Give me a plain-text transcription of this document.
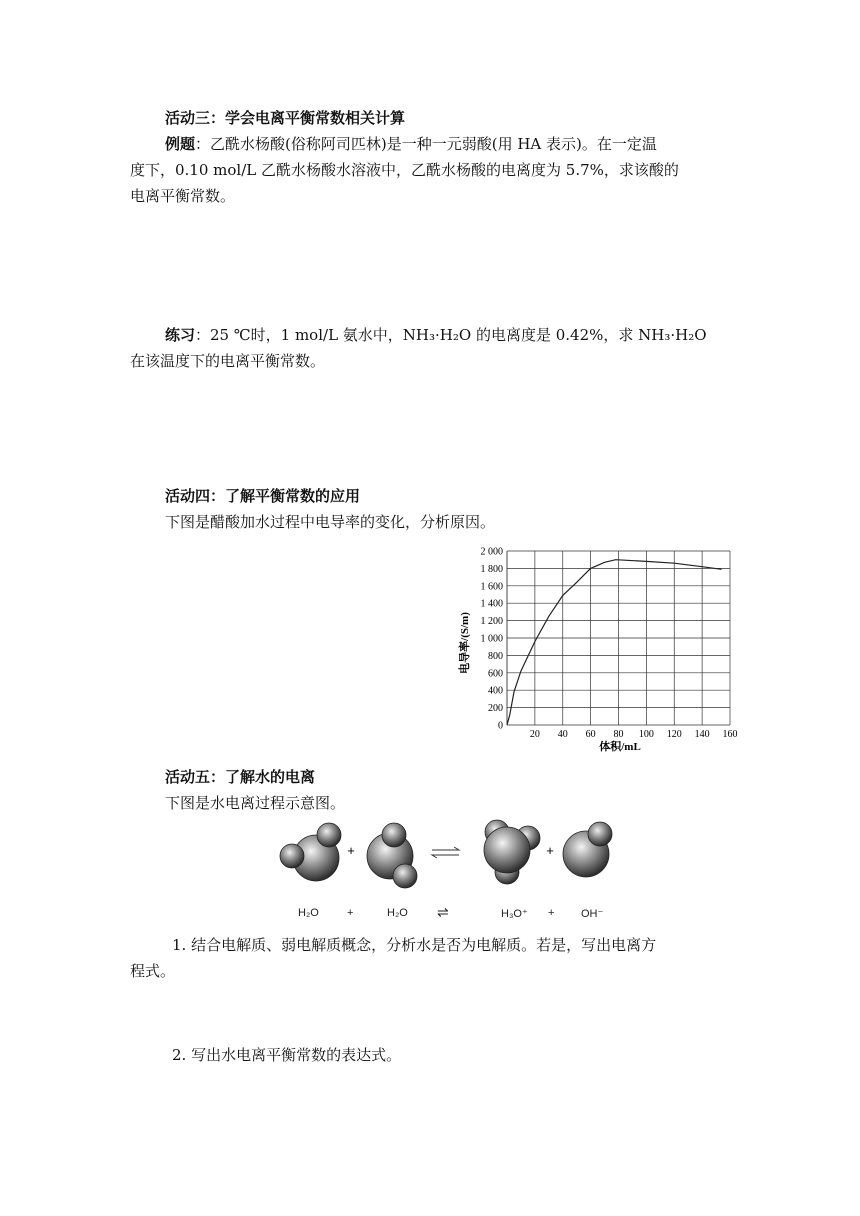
活动三：学会电离平衡常数相关计算
例题：乙酰水杨酸(俗称阿司匹林)是一种一元弱酸(用 HA 表示)。在一定温
度下，0.10 mol/L 乙酰水杨酸水溶液中，乙酰水杨酸的电离度为 5.7%，求该酸的
电离平衡常数。
练习：25 ℃时，1 mol/L 氨水中，NH₃·H₂O 的电离度是 0.42%，求 NH₃·H₂O
在该温度下的电离平衡常数。
活动四：了解平衡常数的应用
下图是醋酸加水过程中电导率的变化，分析原因。
0
200
400
600
800
1 000
1 200
1 400
1 600
1 800
2 000
20 40 60 80 100 120 140 160
体积/mL
电导率/(S/m)
活动五：了解水的电离
下图是水电离过程示意图。
+	+
H₂O	+	H₂O ⇌	H₃O⁺ + OH⁻
1. 结合电解质、弱电解质概念，分析水是否为电解质。若是，写出电离方
程式。
2. 写出水电离平衡常数的表达式。
